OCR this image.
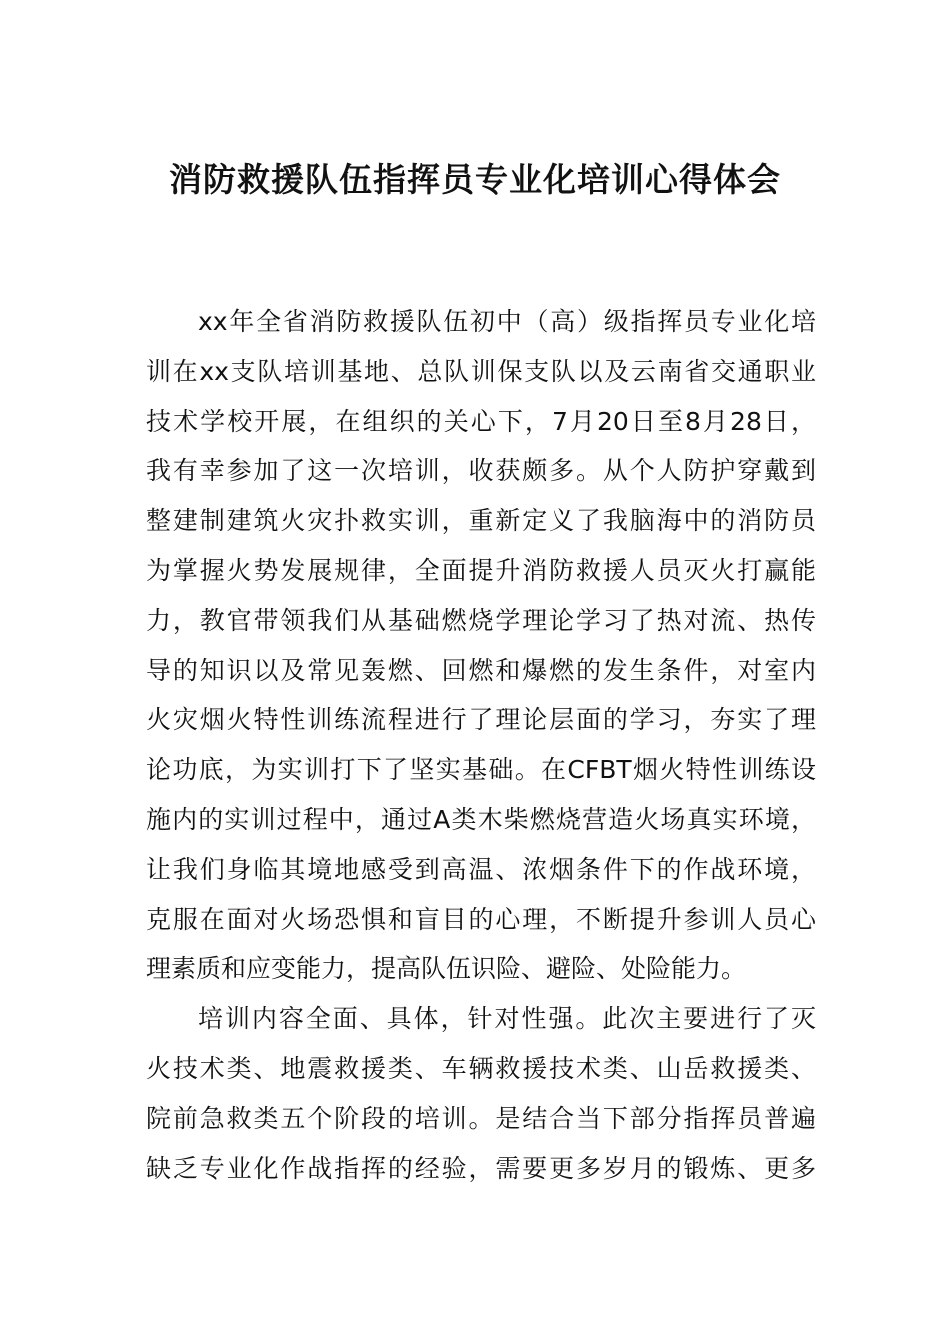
消防救援队伍指挥员专业化培训心得体会
xx年全省消防救援队伍初中（高）级指挥员专业化培
训在xx支队培训基地、总队训保支队以及云南省交通职业
技术学校开展，在组织的关心下，7月20日至8月28日，
我有幸参加了这一次培训，收获颇多。从个人防护穿戴到
整建制建筑火灾扑救实训，重新定义了我脑海中的消防员
为掌握火势发展规律，全面提升消防救援人员灭火打赢能
力，教官带领我们从基础燃烧学理论学习了热对流、热传
导的知识以及常见轰燃、回燃和爆燃的发生条件，对室内
火灾烟火特性训练流程进行了理论层面的学习，夯实了理
论功底，为实训打下了坚实基础。在CFBT烟火特性训练设
施内的实训过程中，通过A类木柴燃烧营造火场真实环境，
让我们身临其境地感受到高温、浓烟条件下的作战环境，
克服在面对火场恐惧和盲目的心理，不断提升参训人员心
理素质和应变能力，提高队伍识险、避险、处险能力。
培训内容全面、具体，针对性强。此次主要进行了灭
火技术类、地震救援类、车辆救援技术类、山岳救援类、
院前急救类五个阶段的培训。是结合当下部分指挥员普遍
缺乏专业化作战指挥的经验，需要更多岁月的锻炼、更多
